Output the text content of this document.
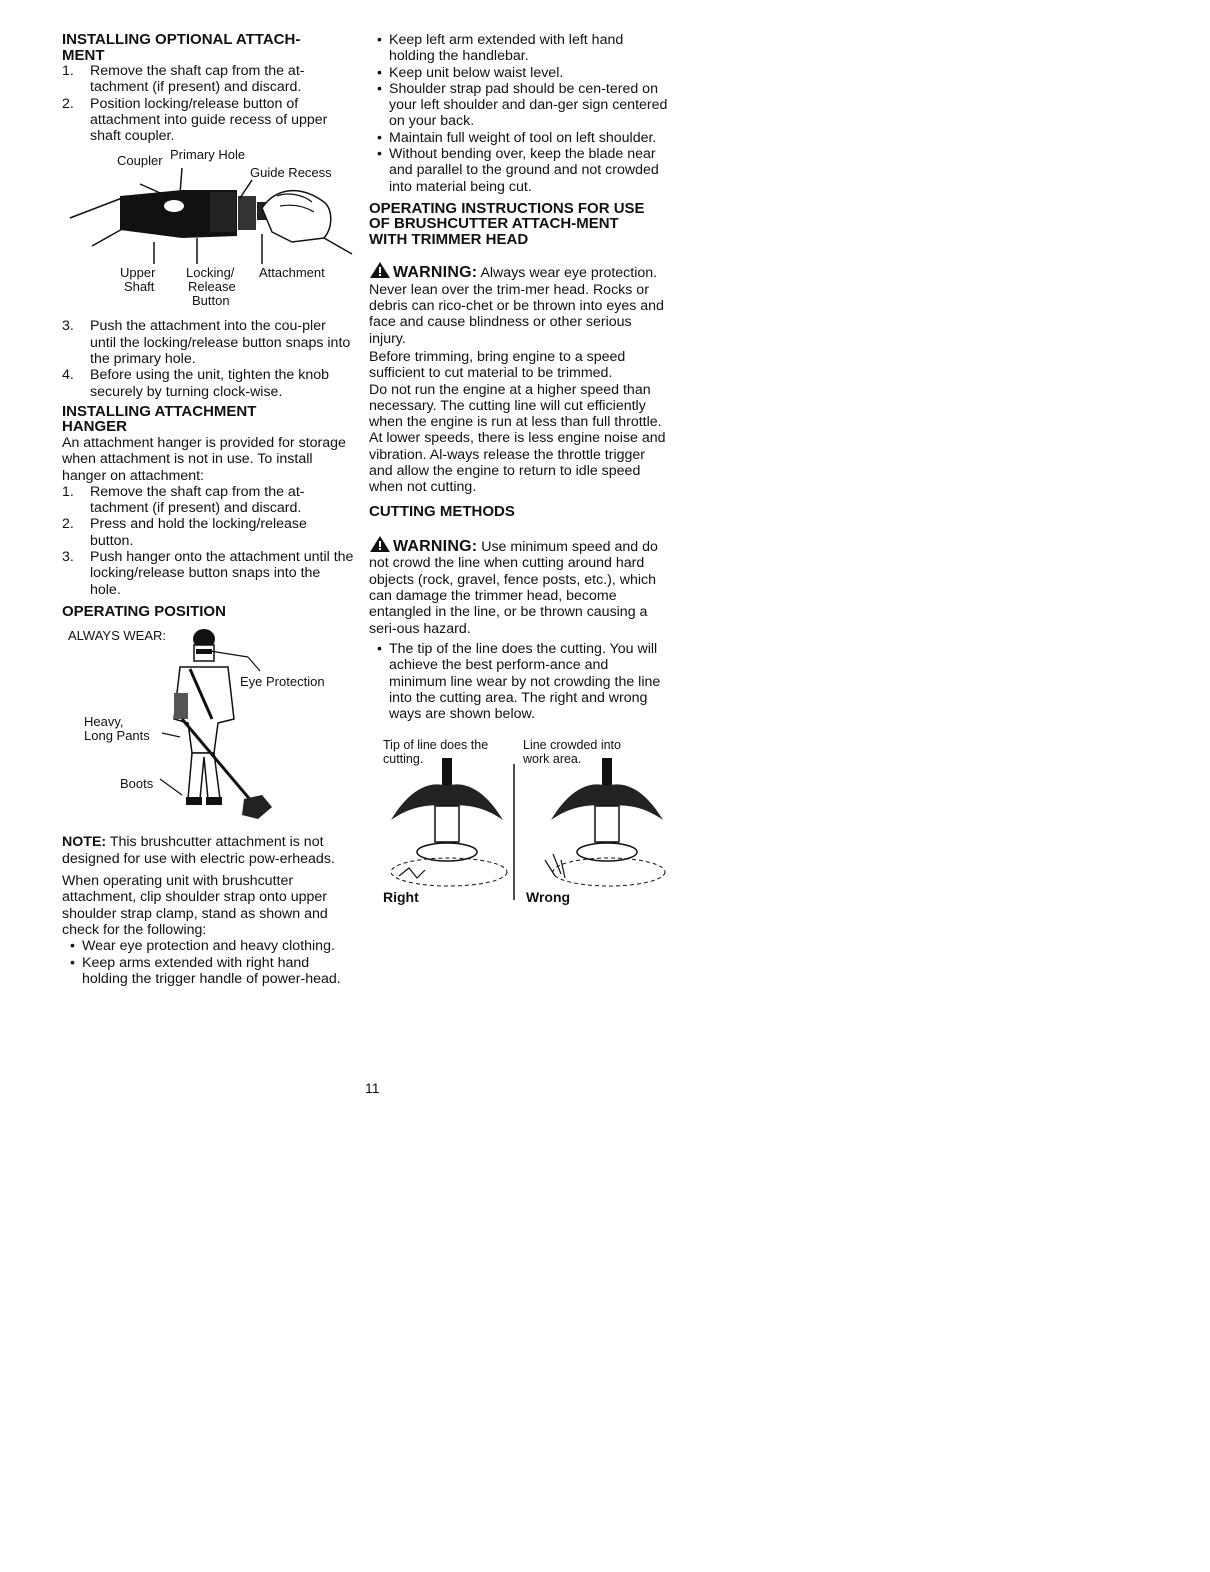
INSTALLING OPTIONAL ATTACH-MENT
1. Remove the shaft cap from the at-tachment (if present) and discard.
2. Position locking/release button of attachment into guide recess of upper shaft coupler.
Coupler Primary Hole
Guide Recess
Upper
Shaft
Locking/
Release
Button
Attachment
3. Push the attachment into the cou-pler until the locking/release button snaps into the primary hole.
4. Before using the unit, tighten the knob securely by turning clock-wise.
INSTALLING ATTACHMENT HANGER
An attachment hanger is provided for storage when attachment is not in use. To install hanger on attachment:
1. Remove the shaft cap from the at-tachment (if present) and discard.
2. Press and hold the locking/release button.
3. Push hanger onto the attachment until the locking/release button snaps into the hole.
OPERATING POSITION
ALWAYS WEAR:
Eye Protection
Heavy,
Long Pants
Boots
NOTE: This brushcutter attachment is not designed for use with electric pow-erheads.
When operating unit with brushcutter attachment, clip shoulder strap onto upper shoulder strap clamp, stand as shown and check for the following:
• Wear eye protection and heavy clothing.
• Keep arms extended with right hand holding the trigger handle of power-head.
• Keep left arm extended with left hand holding the handlebar.
• Keep unit below waist level.
• Shoulder strap pad should be cen-tered on your left shoulder and dan-ger sign centered on your back.
• Maintain full weight of tool on left shoulder.
• Without bending over, keep the blade near and parallel to the ground and not crowded into material being cut.
OPERATING INSTRUCTIONS FOR USE OF BRUSHCUTTER ATTACH-MENT WITH TRIMMER HEAD
WARNING: Always wear eye protection. Never lean over the trim-mer head. Rocks or debris can rico-chet or be thrown into eyes and face and cause blindness or other serious injury.
Before trimming, bring engine to a speed sufficient to cut material to be trimmed.
Do not run the engine at a higher speed than necessary. The cutting line will cut efficiently when the engine is run at less than full throttle. At lower speeds, there is less engine noise and vibration. Al-ways release the throttle trigger and allow the engine to return to idle speed when not cutting.
CUTTING METHODS
WARNING: Use minimum speed and do not crowd the line when cutting around hard objects (rock, gravel, fence posts, etc.), which can damage the trimmer head, become entangled in the line, or be thrown causing a seri-ous hazard.
• The tip of the line does the cutting. You will achieve the best perform-ance and minimum line wear by not crowding the line into the cutting area. The right and wrong ways are shown below.
Tip of line does the cutting.
Line crowded into work area.
Right	Wrong
11
